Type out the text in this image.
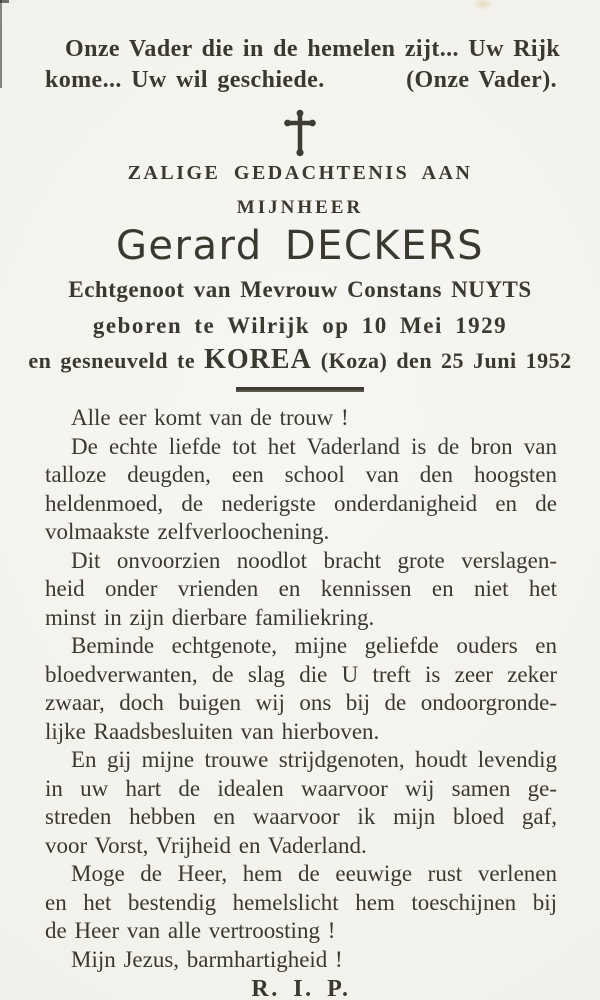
Onze Vader die in de hemelen zijt... Uw Rijk
kome... Uw wil geschiede.	(Onze Vader).
ZALIGE GEDACHTENIS AAN
MIJNHEER
Gerard DECKERS
Echtgenoot van Mevrouw Constans NUYTS
geboren te Wilrijk op 10 Mei 1929
en gesneuveld te KOREA (Koza) den 25 Juni 1952
Alle eer komt van de trouw !
De echte liefde tot het Vaderland is de bron van
talloze deugden, een school van den hoogsten
heldenmoed, de nederigste onderdanigheid en de
volmaakste zelfverloochening.
Dit onvoorzien noodlot bracht grote verslagen-
heid onder vrienden en kennissen en niet het
minst in zijn dierbare familiekring.
Beminde echtgenote, mijne geliefde ouders en
bloedverwanten, de slag die U treft is zeer zeker
zwaar, doch buigen wij ons bij de ondoorgronde-
lijke Raadsbesluiten van hierboven.
En gij mijne trouwe strijdgenoten, houdt levendig
in uw hart de idealen waarvoor wij samen ge-
streden hebben en waarvoor ik mijn bloed gaf,
voor Vorst, Vrijheid en Vaderland.
Moge de Heer, hem de eeuwige rust verlenen
en het bestendig hemelslicht hem toeschijnen bij
de Heer van alle vertroosting !
Mijn Jezus, barmhartigheid !
R. I. P.
